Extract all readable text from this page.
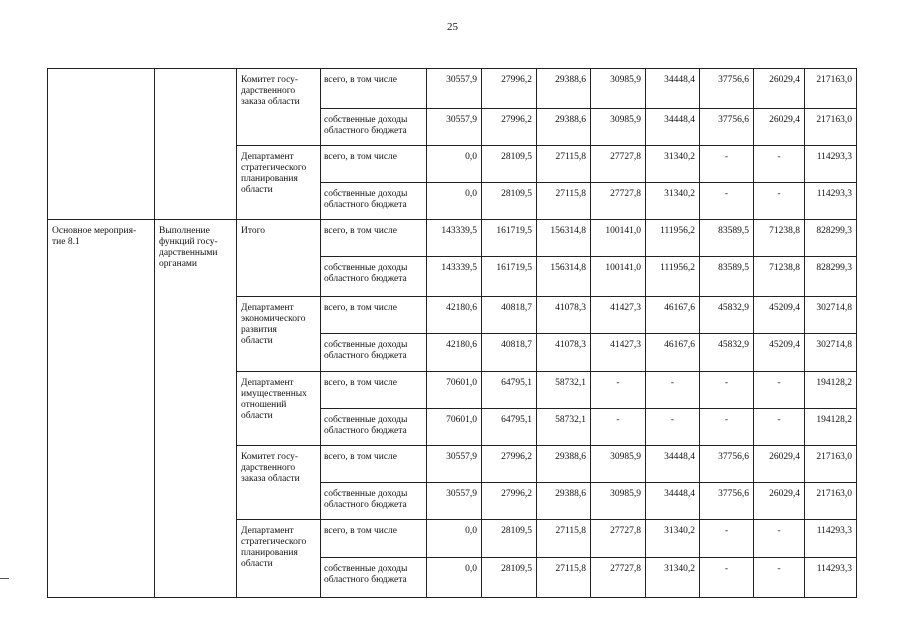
25

		Комитет госу-
дарственного
заказа области	всего, в том числе	30557,9	27996,2	29388,6	30985,9	34448,4	37756,6	26029,4	217163,0

			собственные доходы областного бюджета	30557,9	27996,2	29388,6	30985,9	34448,4	37756,6	26029,4	217163,0

		Департамент
стратегического
планирования
области	всего, в том числе	0,0	28109,5	27115,8	27727,8	31340,2	-	-	114293,3

			собственные доходы областного бюджета	0,0	28109,5	27115,8	27727,8	31340,2	-	-	114293,3

Основное мероприя-
тие 8.1	Выполнение
функций госу-
дарственными
органами	Итого	всего, в том числе	143339,5	161719,5	156314,8	100141,0	111956,2	83589,5	71238,8	828299,3

			собственные доходы областного бюджета	143339,5	161719,5	156314,8	100141,0	111956,2	83589,5	71238,8	828299,3

		Департамент
экономического
развития
области	всего, в том числе	42180,6	40818,7	41078,3	41427,3	46167,6	45832,9	45209,4	302714,8

			собственные доходы областного бюджета	42180,6	40818,7	41078,3	41427,3	46167,6	45832,9	45209,4	302714,8

		Департамент
имущественных
отношений
области	всего, в том числе	70601,0	64795,1	58732,1	-	-	-	-	194128,2

			собственные доходы областного бюджета	70601,0	64795,1	58732,1	-	-	-	-	194128,2

		Комитет госу-
дарственного
заказа области	всего, в том числе	30557,9	27996,2	29388,6	30985,9	34448,4	37756,6	26029,4	217163,0

			собственные доходы областного бюджета	30557,9	27996,2	29388,6	30985,9	34448,4	37756,6	26029,4	217163,0

		Департамент
стратегического
планирования
области	всего, в том числе	0,0	28109,5	27115,8	27727,8	31340,2	-	-	114293,3

			собственные доходы областного бюджета	0,0	28109,5	27115,8	27727,8	31340,2	-	-	114293,3
